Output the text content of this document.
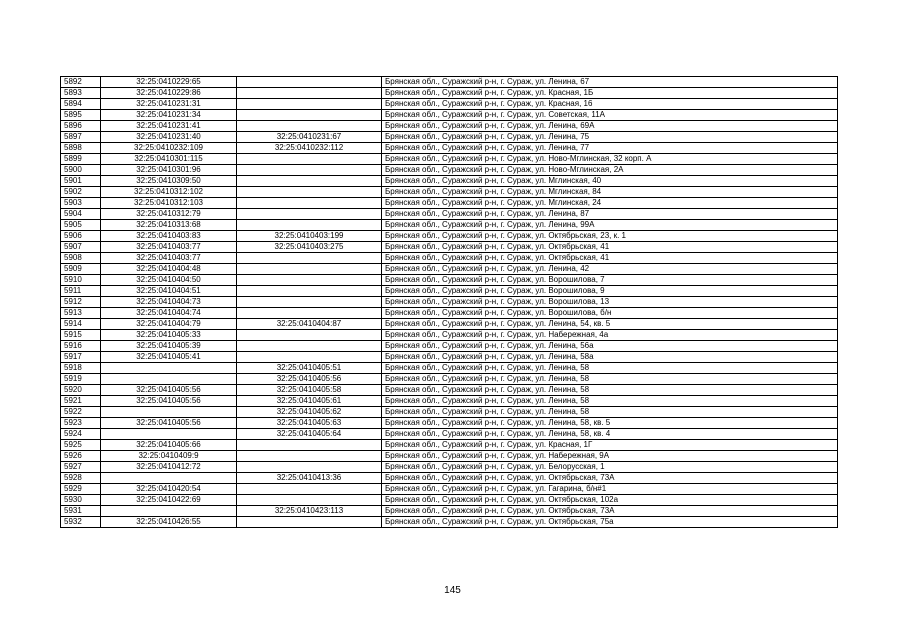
5892	32:25:0410229:65		Брянская обл., Суражский р-н, г. Сураж, ул. Ленина, 67
5893	32:25:0410229:86		Брянская обл., Суражский р-н, г. Сураж, ул. Красная, 1Б
5894	32:25:0410231:31		Брянская обл., Суражский р-н, г. Сураж, ул. Красная, 16
5895	32:25:0410231:34		Брянская обл., Суражский р-н, г. Сураж, ул. Советская, 11А
5896	32:25:0410231:41		Брянская обл., Суражский р-н, г. Сураж, ул. Ленина, 69А
5897	32:25:0410231:40	32:25:0410231:67	Брянская обл., Суражский р-н, г. Сураж, ул. Ленина, 75
5898	32:25:0410232:109	32:25:0410232:112	Брянская обл., Суражский р-н, г. Сураж, ул. Ленина, 77
5899	32:25:0410301:115		Брянская обл., Суражский р-н, г. Сураж, ул. Ново-Мглинская, 32 корп. А
5900	32:25:0410301:96		Брянская обл., Суражский р-н, г. Сураж, ул. Ново-Мглинская, 2А
5901	32:25:0410309:50		Брянская обл., Суражский р-н, г. Сураж, ул. Мглинская, 40
5902	32:25:0410312:102		Брянская обл., Суражский р-н, г. Сураж, ул. Мглинская, 84
5903	32:25:0410312:103		Брянская обл., Суражский р-н, г. Сураж, ул. Мглинская, 24
5904	32:25:0410312:79		Брянская обл., Суражский р-н, г. Сураж, ул. Ленина, 87
5905	32:25:0410313:68		Брянская обл., Суражский р-н, г. Сураж, ул. Ленина, 99А
5906	32:25:0410403:83	32:25:0410403:199	Брянская обл., Суражский р-н, г. Сураж, ул. Октябрьская, 23, к. 1
5907	32:25:0410403:77	32:25:0410403:275	Брянская обл., Суражский р-н, г. Сураж, ул. Октябрьская, 41
5908	32:25:0410403:77		Брянская обл., Суражский р-н, г. Сураж, ул. Октябрьская, 41
5909	32:25:0410404:48		Брянская обл., Суражский р-н, г. Сураж, ул. Ленина, 42
5910	32:25:0410404:50		Брянская обл., Суражский р-н, г. Сураж, ул. Ворошилова, 7
5911	32:25:0410404:51		Брянская обл., Суражский р-н, г. Сураж, ул. Ворошилова, 9
5912	32:25:0410404:73		Брянская обл., Суражский р-н, г. Сураж, ул. Ворошилова, 13
5913	32:25:0410404:74		Брянская обл., Суражский р-н, г. Сураж, ул. Ворошилова, б/н
5914	32:25:0410404:79	32:25:0410404:87	Брянская обл., Суражский р-н, г. Сураж, ул. Ленина, 54, кв. 5
5915	32:25:0410405:33		Брянская обл., Суражский р-н, г. Сураж, ул. Набережная, 4а
5916	32:25:0410405:39		Брянская обл., Суражский р-н, г. Сураж, ул. Ленина, 56а
5917	32:25:0410405:41		Брянская обл., Суражский р-н, г. Сураж, ул. Ленина, 58а
5918		32:25:0410405:51	Брянская обл., Суражский р-н, г. Сураж, ул. Ленина, 58
5919		32:25:0410405:56	Брянская обл., Суражский р-н, г. Сураж, ул. Ленина, 58
5920	32:25:0410405:56	32:25:0410405:58	Брянская обл., Суражский р-н, г. Сураж, ул. Ленина, 58
5921	32:25:0410405:56	32:25:0410405:61	Брянская обл., Суражский р-н, г. Сураж, ул. Ленина, 58
5922		32:25:0410405:62	Брянская обл., Суражский р-н, г. Сураж, ул. Ленина, 58
5923	32:25:0410405:56	32:25:0410405:63	Брянская обл., Суражский р-н, г. Сураж, ул. Ленина, 58, кв. 5
5924		32:25:0410405:64	Брянская обл., Суражский р-н, г. Сураж, ул. Ленина, 58, кв. 4
5925	32:25:0410405:66		Брянская обл., Суражский р-н, г. Сураж, ул. Красная, 1Г
5926	32:25:0410409:9		Брянская обл., Суражский р-н, г. Сураж, ул. Набережная, 9А
5927	32:25:0410412:72		Брянская обл., Суражский р-н, г. Сураж, ул. Белорусская, 1
5928		32:25:0410413:36	Брянская обл., Суражский р-н, г. Сураж, ул. Октябрьская, 73А
5929	32:25:0410420:54		Брянская обл., Суражский р-н, г. Сураж, ул. Гагарина, б/н#1
5930	32:25:0410422:69		Брянская обл., Суражский р-н, г. Сураж, ул. Октябрьская, 102а
5931		32:25:0410423:113	Брянская обл., Суражский р-н, г. Сураж, ул. Октябрьская, 73А
5932	32:25:0410426:55		Брянская обл., Суражский р-н, г. Сураж, ул. Октябрьская, 75а
145
